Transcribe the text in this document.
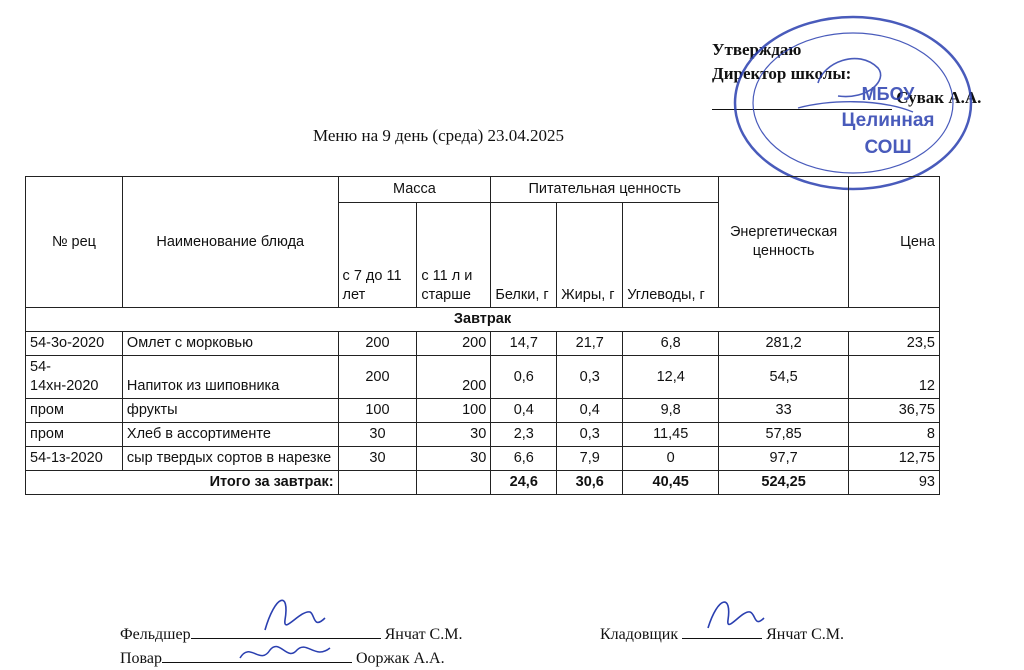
Утверждаю
Директор школы:
Сувак А.А.
МБОУ
Целинная
СОШ
Меню на 9 день (среда) 23.04.2025
№ рец	Наименование блюда	Масса		Питательная ценность			Энергетическая ценность	Цена
		с 7 до 11 лет	с 11 л и старше	Белки, г	Жиры, г	Углеводы, г		
Завтрак								
54-3о-2020	Омлет с морковью	200	200	14,7	21,7	6,8	281,2	23,5
54-14хн-2020	Напиток из шиповника	200	200	0,6	0,3	12,4	54,5	12
пром	фрукты	100	100	0,4	0,4	9,8	33	36,75
пром	Хлеб в ассортименте	30	30	2,3	0,3	11,45	57,85	8
54-1з-2020	сыр твердых сортов в нарезке	30	30	6,6	7,9	0	97,7	12,75
Итого за завтрак:				24,6	30,6	40,45	524,25	93
Фельдшер	Янчат С.М.	Кладовщик	Янчат С.М.
Повар	Ооржак А.А.
